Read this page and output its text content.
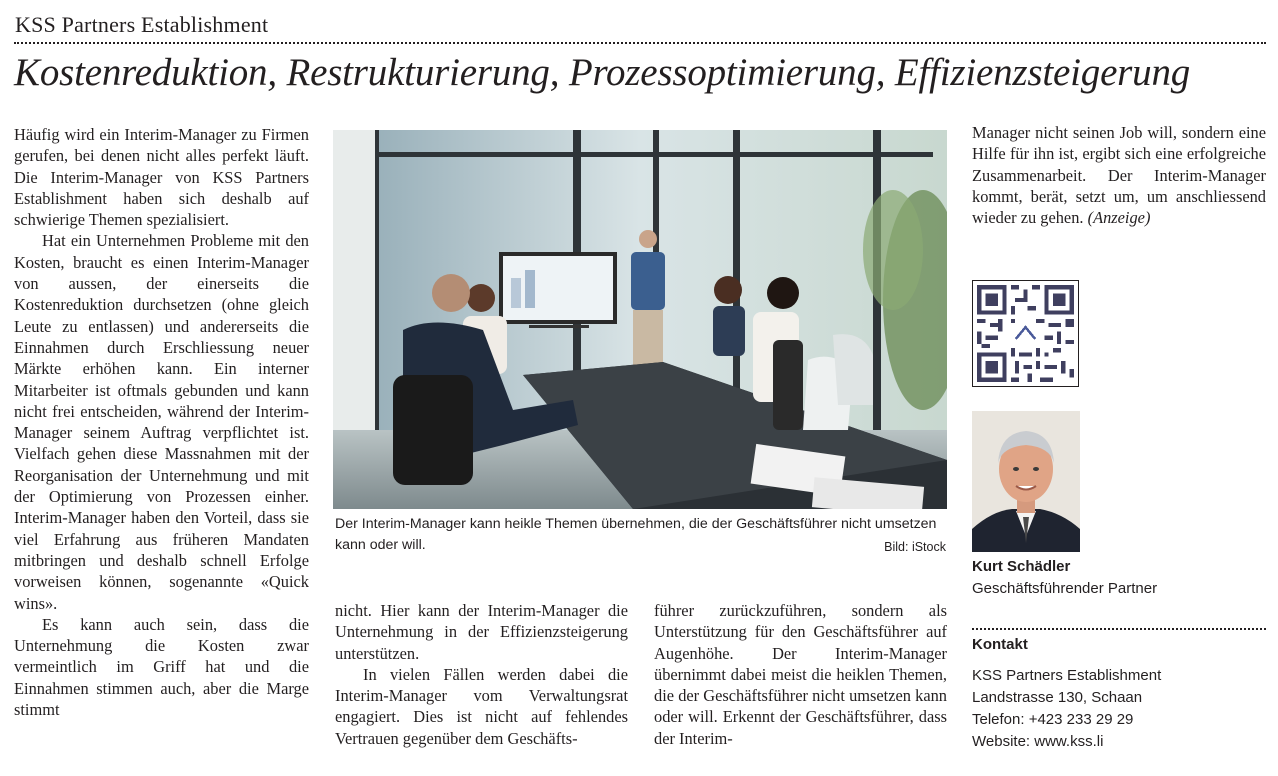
KSS Partners Establishment
Kostenreduktion, Restrukturierung, Prozessoptimierung, Effizienzsteigerung

Häufig wird ein Interim-Manager zu Firmen gerufen, bei denen nicht alles perfekt läuft. Die Interim-Manager von KSS Partners Establishment haben sich deshalb auf schwierige Themen spezialisiert.

Hat ein Unternehmen Probleme mit den Kosten, braucht es einen Interim-Manager von aussen, der einerseits die Kostenreduktion durchsetzen (ohne gleich Leute zu entlassen) und andererseits die Einnahmen durch Erschliessung neuer Märkte erhöhen kann. Ein interner Mitarbeiter ist oftmals gebunden und kann nicht frei entscheiden, während der Interim-Manager seinem Auftrag verpflichtet ist. Vielfach gehen diese Massnahmen mit der Reorganisation der Unternehmung und mit der Optimierung von Prozessen einher. Interim-Manager haben den Vorteil, dass sie viel Erfahrung aus früheren Mandaten mitbringen und deshalb schnell Erfolge vorweisen können, sogenannte «Quick wins».

Es kann auch sein, dass die Unternehmung die Kosten zwar vermeintlich im Griff hat und die Einnahmen stimmen auch, aber die Marge stimmt

Der Interim-Manager kann heikle Themen übernehmen, die der Geschäftsführer nicht umsetzen kann oder will.	Bild: iStock

nicht. Hier kann der Interim-Manager die Unternehmung in der Effizienzsteigerung unterstützen.

In vielen Fällen werden dabei die Interim-Manager vom Verwaltungsrat engagiert. Dies ist nicht auf fehlendes Vertrauen gegenüber dem Geschäfts-

führer zurückzuführen, sondern als Unterstützung für den Geschäftsführer auf Augenhöhe. Der Interim-Manager übernimmt dabei meist die heiklen Themen, die der Geschäftsführer nicht umsetzen kann oder will. Erkennt der Geschäftsführer, dass der Interim-

Manager nicht seinen Job will, sondern eine Hilfe für ihn ist, ergibt sich eine erfolgreiche Zusammenarbeit. Der Interim-Manager kommt, berät, setzt um, um anschliessend wieder zu gehen. (Anzeige)

Kurt Schädler
Geschäftsführender Partner
Kontakt
KSS Partners Establishment
Landstrasse 130, Schaan
Telefon: +423 233 29 29
Website: www.kss.li
